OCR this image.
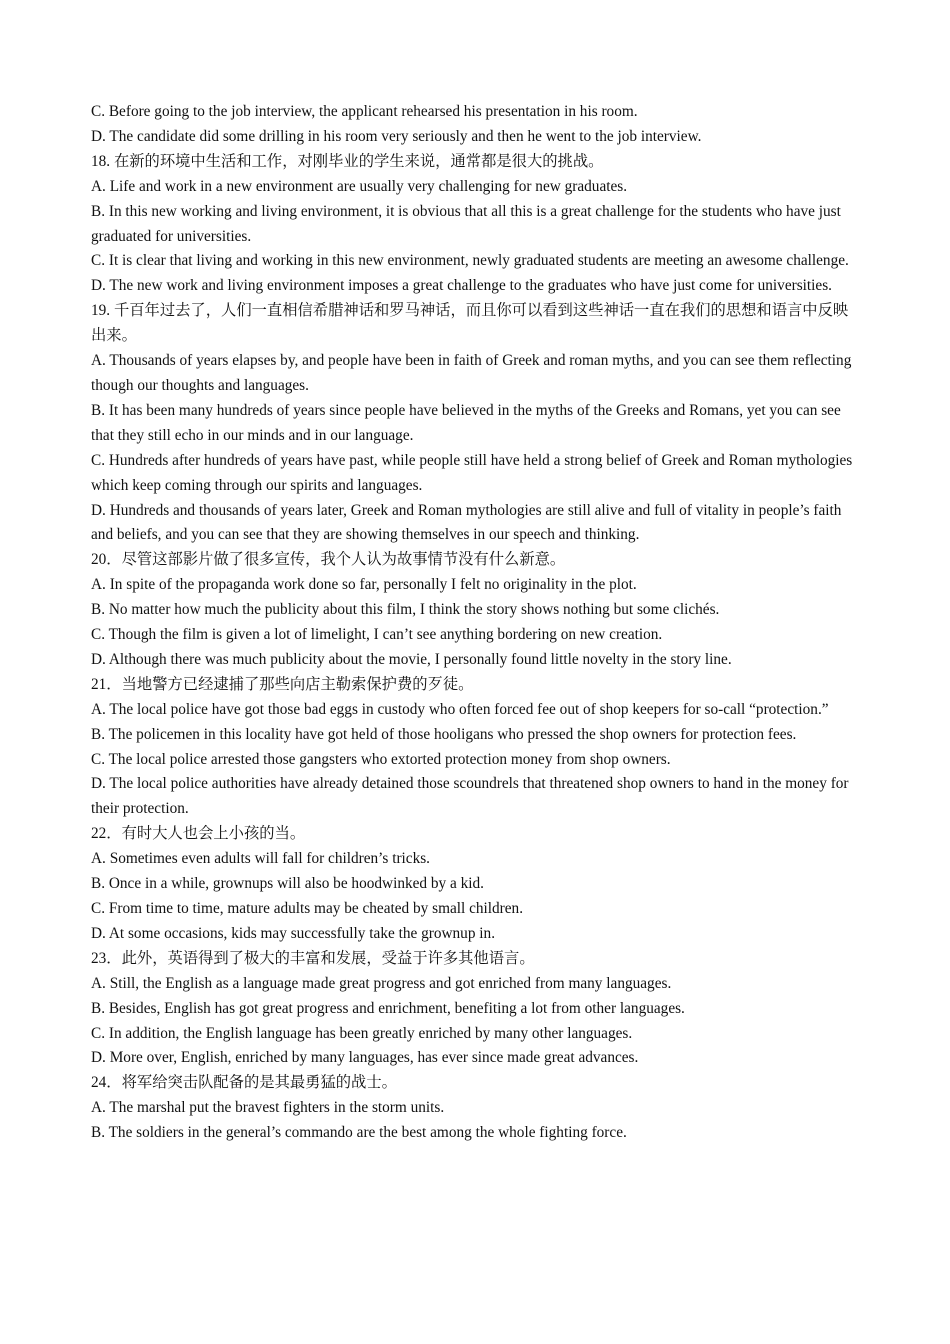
C. Before going to the job interview, the applicant rehearsed his presentation in his room.

D. The candidate did some drilling in his room very seriously and then he went to the job interview.

18. 在新的环境中生活和工作，对刚毕业的学生来说，通常都是很大的挑战。

A. Life and work in a new environment are usually very challenging for new graduates.

B. In this new working and living environment, it is obvious that all this is a great challenge for the students who have just graduated for universities.

C. It is clear that living and working in this new environment, newly graduated students are meeting an awesome challenge.

D. The new work and living environment imposes a great challenge to the graduates who have just come for universities.

19. 千百年过去了，人们一直相信希腊神话和罗马神话，而且你可以看到这些神话一直在我们的思想和语言中反映出来。

A. Thousands of years elapses by, and people have been in faith of Greek and roman myths, and you can see them reflecting though our thoughts and languages.

B. It has been many hundreds of years since people have believed in the myths of the Greeks and Romans, yet you can see that they still echo in our minds and in our language.

C. Hundreds after hundreds of years have past, while people still have held a strong belief of Greek and Roman mythologies which keep coming through our spirits and languages.

D. Hundreds and thousands of years later, Greek and Roman mythologies are still alive and full of vitality in people’s faith and beliefs, and you can see that they are showing themselves in our speech and thinking.

20．尽管这部影片做了很多宣传，我个人认为故事情节没有什么新意。

A. In spite of the propaganda work done so far, personally I felt no originality in the plot.

B. No matter how much the publicity about this film, I think the story shows nothing but some clichés.

C. Though the film is given a lot of limelight, I can’t see anything bordering on new creation.

D. Although there was much publicity about the movie, I personally found little novelty in the story line.

21．当地警方已经逮捕了那些向店主勒索保护费的歹徒。

A. The local police have got those bad eggs in custody who often forced fee out of shop keepers for so-call “protection.”

B. The policemen in this locality have got held of those hooligans who pressed the shop owners for protection fees.

C. The local police arrested those gangsters who extorted protection money from shop owners.

D. The local police authorities have already detained those scoundrels that threatened shop owners to hand in the money for their protection.

22．有时大人也会上小孩的当。

A. Sometimes even adults will fall for children’s tricks.

B. Once in a while, grownups will also be hoodwinked by a kid.

C. From time to time, mature adults may be cheated by small children.

D. At some occasions, kids may successfully take the grownup in.

23．此外，英语得到了极大的丰富和发展，受益于许多其他语言。

A. Still, the English as a language made great progress and got enriched from many languages.

B. Besides, English has got great progress and enrichment, benefiting a lot from other languages.

C. In addition, the English language has been greatly enriched by many other languages.

D. More over, English, enriched by many languages, has ever since made great advances.

24．将军给突击队配备的是其最勇猛的战士。

A. The marshal put the bravest fighters in the storm units.

B. The soldiers in the general’s commando are the best among the whole fighting force.
